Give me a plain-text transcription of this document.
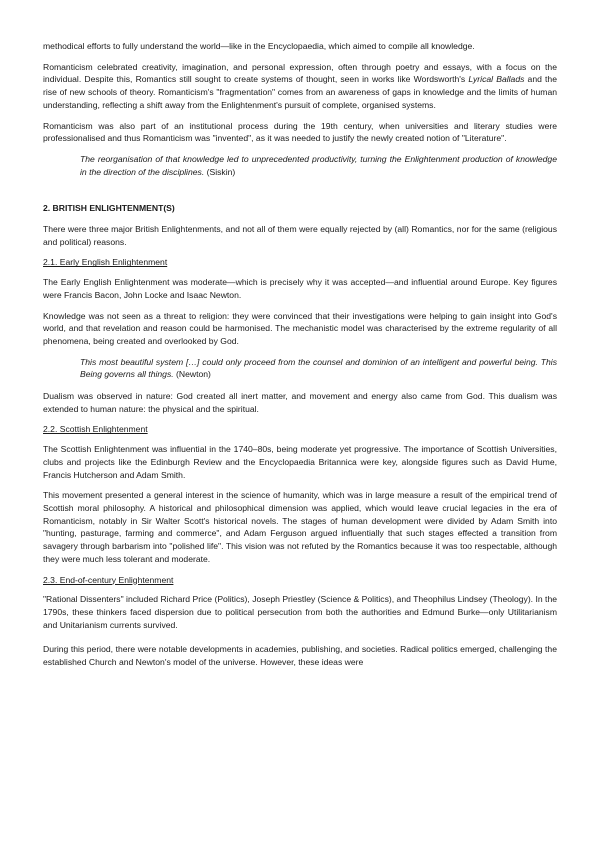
methodical efforts to fully understand the world—like in the Encyclopaedia, which aimed to compile all knowledge.

Romanticism celebrated creativity, imagination, and personal expression, often through poetry and essays, with a focus on the individual. Despite this, Romantics still sought to create systems of thought, seen in works like Wordsworth's Lyrical Ballads and the rise of new schools of theory. Romanticism's "fragmentation" comes from an awareness of gaps in knowledge and the limits of human understanding, reflecting a shift away from the Enlightenment's pursuit of complete, organised systems.

Romanticism was also part of an institutional process during the 19th century, when universities and literary studies were professionalised and thus Romanticism was "invented", as it was needed to justify the newly created notion of "Literature".

The reorganisation of that knowledge led to unprecedented productivity, turning the Enlightenment production of knowledge in the direction of the disciplines. (Siskin)
2. BRITISH ENLIGHTENMENT(S)

There were three major British Enlightenments, and not all of them were equally rejected by (all) Romantics, nor for the same (religious and political) reasons.

2.1. Early English Enlightenment

The Early English Enlightenment was moderate—which is precisely why it was accepted—and influential around Europe. Key figures were Francis Bacon, John Locke and Isaac Newton.

Knowledge was not seen as a threat to religion: they were convinced that their investigations were helping to gain insight into God's world, and that revelation and reason could be harmonised. The mechanistic model was characterised by the extreme regularity of all phenomena, being created and overlooked by God.

This most beautiful system […] could only proceed from the counsel and dominion of an intelligent and powerful being. This Being governs all things. (Newton)

Dualism was observed in nature: God created all inert matter, and movement and energy also came from God. This dualism was extended to human nature: the physical and the spiritual.

2.2. Scottish Enlightenment

The Scottish Enlightenment was influential in the 1740–80s, being moderate yet progressive. The importance of Scottish Universities, clubs and projects like the Edinburgh Review and the Encyclopaedia Britannica were key, alongside figures such as David Hume, Francis Hutcherson and Adam Smith.

This movement presented a general interest in the science of humanity, which was in large measure a result of the empirical trend of Scottish moral philosophy. A historical and philosophical dimension was applied, which would leave crucial legacies in the era of Romanticism, notably in Sir Walter Scott's historical novels. The stages of human development were divided by Adam Smith into "hunting, pasturage, farming and commerce", and Adam Ferguson argued influentially that such stages effected a transition from savagery through barbarism into "polished life". This vision was not refuted by the Romantics because it was too respectable, although they were much less tolerant and moderate.

2.3. End-of-century Enlightenment

"Rational Dissenters" included Richard Price (Politics), Joseph Priestley (Science & Politics), and Theophilus Lindsey (Theology). In the 1790s, these thinkers faced dispersion due to political persecution from both the authorities and Edmund Burke—only Utilitarianism and Unitarianism currents survived.

During this period, there were notable developments in academies, publishing, and societies. Radical politics emerged, challenging the established Church and Newton's model of the universe. However, these ideas were
